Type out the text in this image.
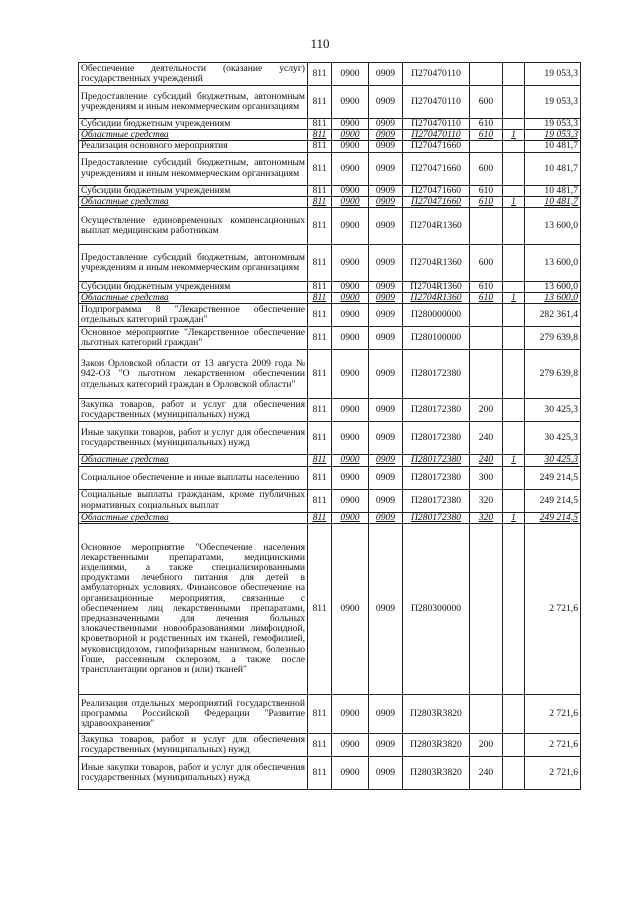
110
Обеспечение деятельности (оказание услуг) государственных учреждений	811	0900	0909	П270470110			19 053,3
Предоставление субсидий бюджетным, автономным учреждениям и иным некоммерческим организациям	811	0900	0909	П270470110	600		19 053,3
Субсидии бюджетным учреждениям	811	0900	0909	П270470110	610		19 053,3
Областные средства	811	0900	0909	П270470110	610	1	19 053,3
Реализация основного мероприятия	811	0900	0909	П270471660			10 481,7
Предоставление субсидий бюджетным, автономным учреждениям и иным некоммерческим организациям	811	0900	0909	П270471660	600		10 481,7
Субсидии бюджетным учреждениям	811	0900	0909	П270471660	610		10 481,7
Областные средства	811	0900	0909	П270471660	610	1	10 481,7
Осуществление единовременных компенсационных выплат медицинским работникам	811	0900	0909	П2704R1360			13 600,0
Предоставление субсидий бюджетным, автономным учреждениям и иным некоммерческим организациям	811	0900	0909	П2704R1360	600		13 600,0
Субсидии бюджетным учреждениям	811	0900	0909	П2704R1360	610		13 600,0
Областные средства	811	0900	0909	П2704R1360	610	1	13 600,0
Подпрограмма 8 "Лекарственное обеспечение отдельных категорий граждан"	811	0900	0909	П280000000			282 361,4
Основное мероприятие "Лекарственное обеспечение льготных категорий граждан"	811	0900	0909	П280100000			279 639,8
Закон Орловской области от 13 августа 2009 года № 942-ОЗ "О льготном лекарственном обеспечении отдельных категорий граждан в Орловской области"	811	0900	0909	П280172380			279 639,8
Закупка товаров, работ и услуг для обеспечения государственных (муниципальных) нужд	811	0900	0909	П280172380	200		30 425,3
Иные закупки товаров, работ и услуг для обеспечения государственных (муниципальных) нужд	811	0900	0909	П280172380	240		30 425,3
Областные средства	811	0900	0909	П280172380	240	1	30 425,3
Социальное обеспечение и иные выплаты населению	811	0900	0909	П280172380	300		249 214,5
Социальные выплаты гражданам, кроме публичных нормативных социальных выплат	811	0900	0909	П280172380	320		249 214,5
Областные средства	811	0900	0909	П280172380	320	1	249 214,5
Основное мероприятие "Обеспечение населения лекарственными препаратами, медицинскими изделиями, а также специализированными продуктами лечебного питания для детей в амбулаторных условиях. Финансовое обеспечение на организационные мероприятия, связанные с обеспечением лиц лекарственными препаратами, предназначенными для лечения больных злокачественными новообразованиями лимфоидной, кроветворной и родственных им тканей, гемофилией, муковисцидозом, гипофизарным нанизмом, болезнью Гоше, рассеянным склерозом, а также после трансплантации органов и (или) тканей"	811	0900	0909	П280300000			2 721,6
Реализация отдельных мероприятий государственной программы Российской Федерации "Развитие здравоохранения"	811	0900	0909	П2803R3820			2 721,6
Закупка товаров, работ и услуг для обеспечения государственных (муниципальных) нужд	811	0900	0909	П2803R3820	200		2 721,6
Иные закупки товаров, работ и услуг для обеспечения государственных (муниципальных) нужд	811	0900	0909	П2803R3820	240		2 721,6
